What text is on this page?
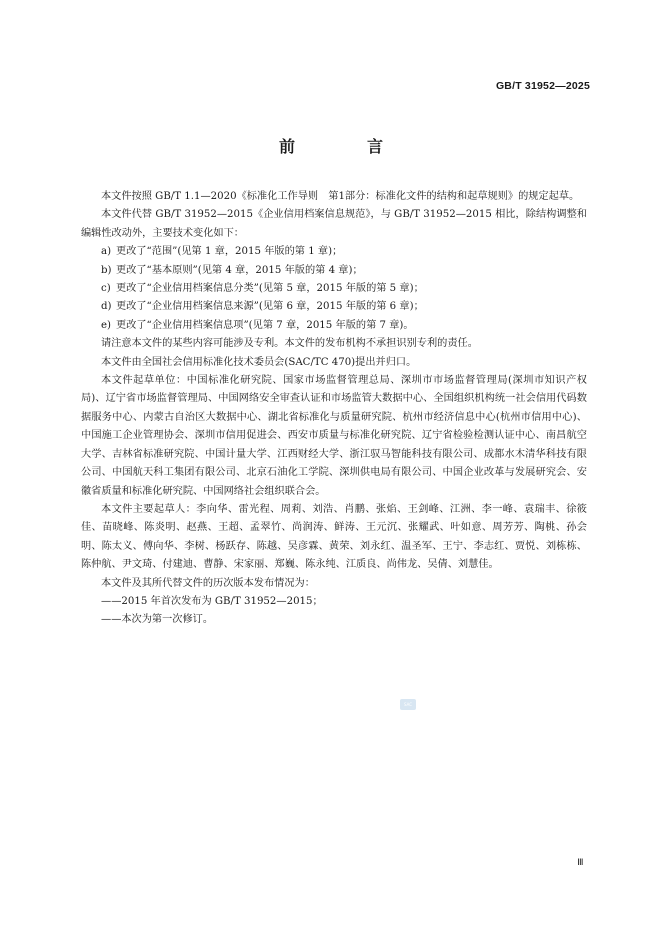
GB/T 31952—2025
前　言

本文件按照 GB/T 1.1—2020《标准化工作导则　第1部分：标准化文件的结构和起草规则》的规定起草。

本文件代替 GB/T 31952—2015《企业信用档案信息规范》，与 GB/T 31952—2015 相比，除结构调整和编辑性改动外，主要技术变化如下：

a) 更改了“范围”(见第 1 章，2015 年版的第 1 章)；

b) 更改了“基本原则”(见第 4 章，2015 年版的第 4 章)；

c) 更改了“企业信用档案信息分类”(见第 5 章，2015 年版的第 5 章)；

d) 更改了“企业信用档案信息来源”(见第 6 章，2015 年版的第 6 章)；

e) 更改了“企业信用档案信息项”(见第 7 章，2015 年版的第 7 章)。

请注意本文件的某些内容可能涉及专利。本文件的发布机构不承担识别专利的责任。

本文件由全国社会信用标准化技术委员会(SAC/TC 470)提出并归口。

本文件起草单位：中国标准化研究院、国家市场监督管理总局、深圳市市场监督管理局(深圳市知识产权局)、辽宁省市场监督管理局、中国网络安全审查认证和市场监管大数据中心、全国组织机构统一社会信用代码数据服务中心、内蒙古自治区大数据中心、湖北省标准化与质量研究院、杭州市经济信息中心(杭州市信用中心)、中国施工企业管理协会、深圳市信用促进会、西安市质量与标准化研究院、辽宁省检验检测认证中心、南昌航空大学、吉林省标准研究院、中国计量大学、江西财经大学、浙江驭马智能科技有限公司、成都水木清华科技有限公司、中国航天科工集团有限公司、北京石油化工学院、深圳供电局有限公司、中国企业改革与发展研究会、安徽省质量和标准化研究院、中国网络社会组织联合会。

本文件主要起草人：李向华、雷光程、周莉、刘浩、肖鹏、张焰、王剑峰、江洲、李一峰、袁瑞丰、徐筱佳、苗晓峰、陈炎明、赵燕、王超、孟翠竹、尚润涛、鲜涛、王元沉、张耀武、叶如意、周芳芳、陶桃、孙会明、陈太义、傅向华、李树、杨跃存、陈越、吴彦霖、黄荣、刘永红、温圣军、王宁、李志红、贾悦、刘栋栋、陈仲航、尹文琦、付建迪、曹静、宋家丽、郑巍、陈永纯、江质良、尚伟龙、吴倩、刘慧佳。

本文件及其所代替文件的历次版本发布情况为：

——2015 年首次发布为 GB/T 31952—2015；

——本次为第一次修订。

SAC
Ⅲ
